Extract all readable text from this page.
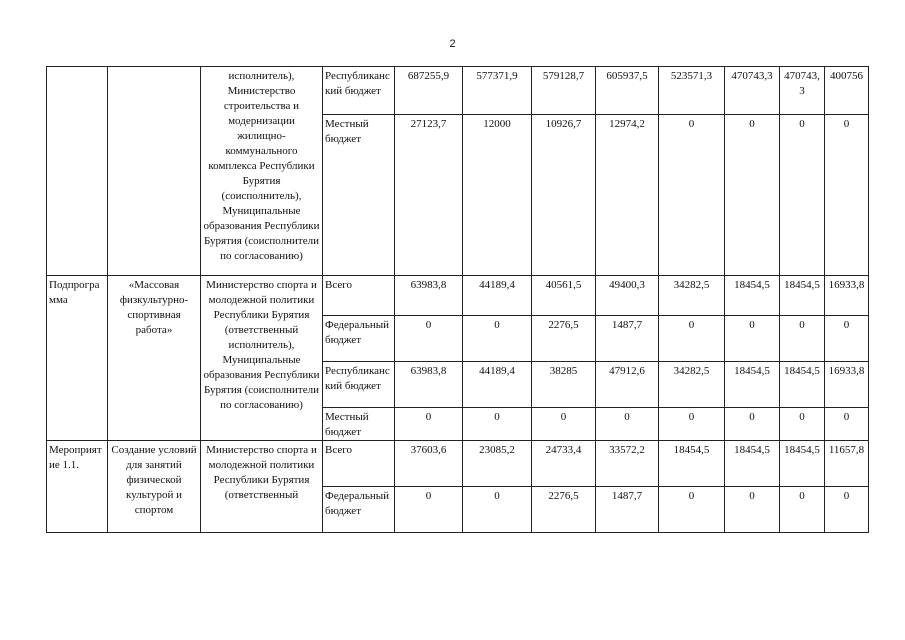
2
		исполнитель), Министерство строительства и модернизации жилищно-коммунального комплекса Республики Бурятия (соисполнитель), Муниципальные образования Республики Бурятия (соисполнители по согласованию)	Республиканский бюджет	687255,9	577371,9	579128,7	605937,5	523571,3	470743,3	470743,3	400756
			Местный бюджет	27123,7	12000	10926,7	12974,2	0	0	0	0
Подпрограмма	«Массовая физкультурно-спортивная работа»	Министерство спорта и молодежной политики Республики Бурятия (ответственный исполнитель), Муниципальные образования Республики Бурятия (соисполнители по согласованию)	Всего	63983,8	44189,4	40561,5	49400,3	34282,5	18454,5	18454,5	16933,8
			Федеральный бюджет	0	0	2276,5	1487,7	0	0	0	0
			Республиканский бюджет	63983,8	44189,4	38285	47912,6	34282,5	18454,5	18454,5	16933,8
			Местный бюджет	0	0	0	0	0	0	0	0
Мероприятие 1.1.	Создание условий для занятий физической культурой и спортом	Министерство спорта и молодежной политики Республики Бурятия (ответственный	Всего	37603,6	23085,2	24733,4	33572,2	18454,5	18454,5	18454,5	11657,8
			Федеральный бюджет	0	0	2276,5	1487,7	0	0	0	0
